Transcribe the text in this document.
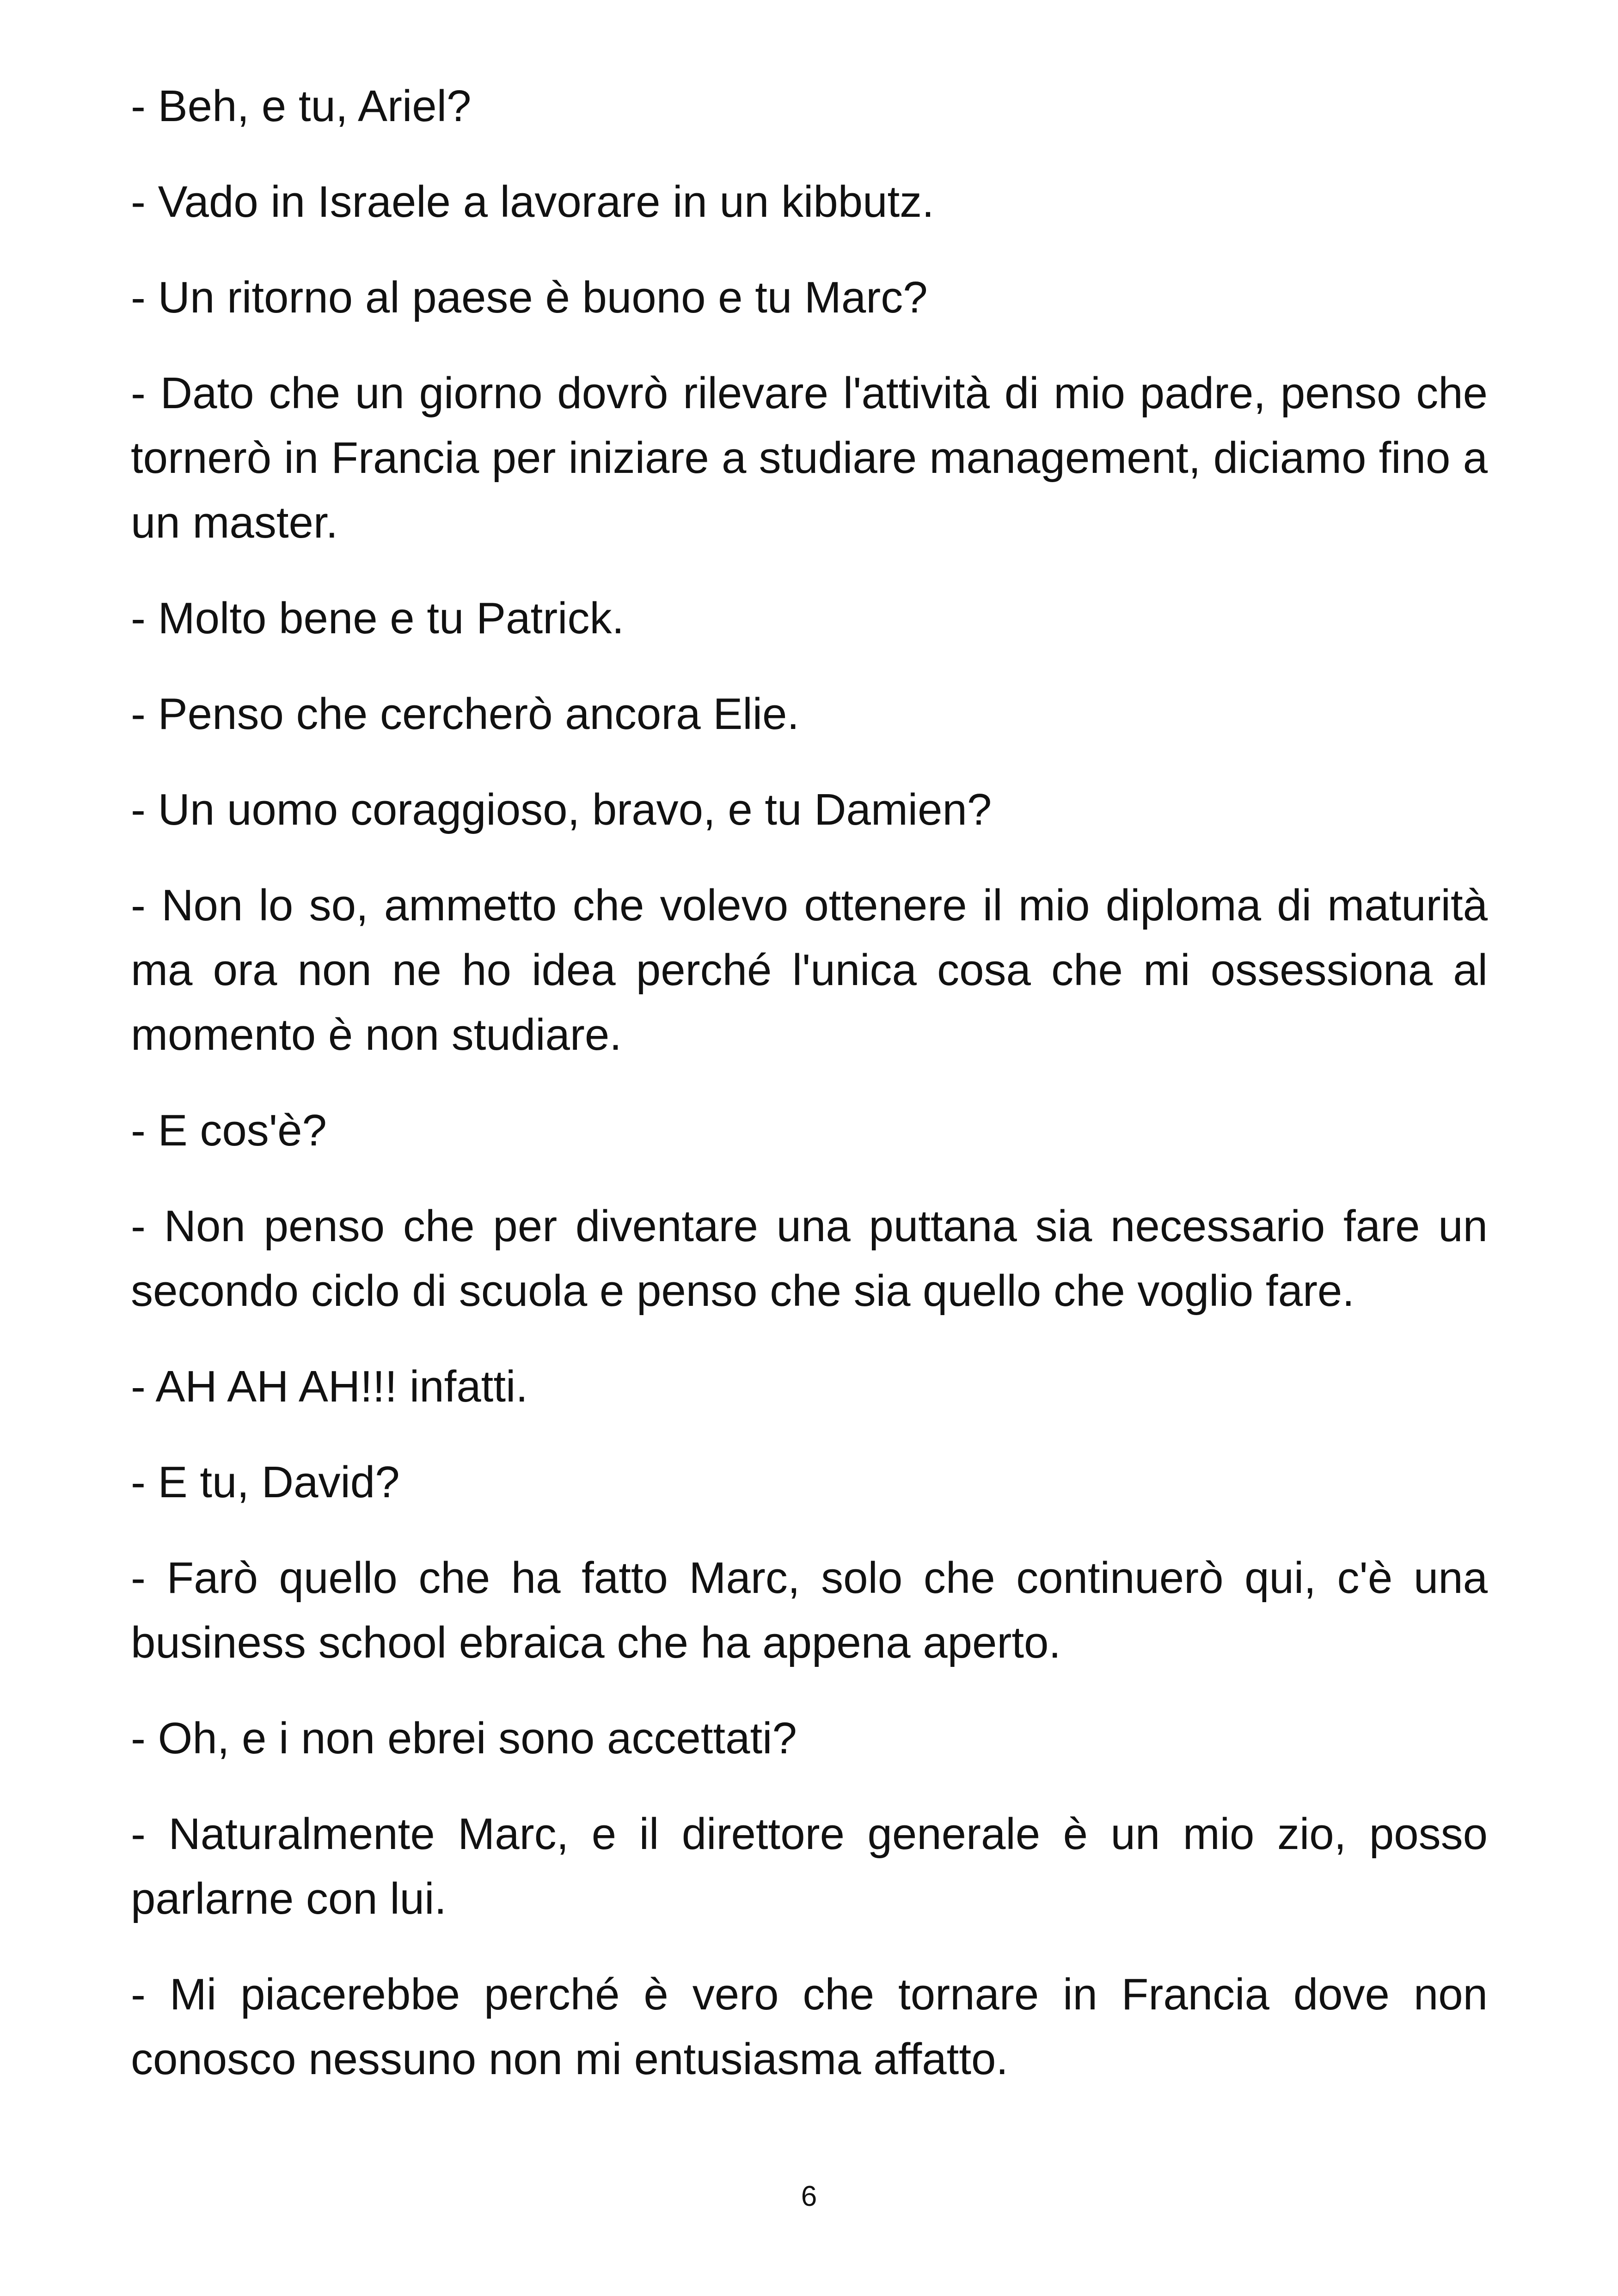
- Beh, e tu, Ariel?

- Vado in Israele a lavorare in un kibbutz.

- Un ritorno al paese è buono e tu Marc?

- Dato che un giorno dovrò rilevare l'attività di mio padre, penso che tornerò in Francia per iniziare a studiare management, diciamo fino a un master.

- Molto bene e tu Patrick.

- Penso che cercherò ancora Elie.

- Un uomo coraggioso, bravo, e tu Damien?

- Non lo so, ammetto che volevo ottenere il mio diploma di maturità ma ora non ne ho idea perché l'unica cosa che mi ossessiona al momento è non studiare.

- E cos'è?

- Non penso che per diventare una puttana sia necessario fare un secondo ciclo di scuola e penso che sia quello che voglio fare.

- AH AH AH!!! infatti.

- E tu, David?

- Farò quello che ha fatto Marc, solo che continuerò qui, c'è una business school ebraica che ha appena aperto.

- Oh, e i non ebrei sono accettati?

- Naturalmente Marc, e il direttore generale è un mio zio, posso parlarne con lui.

- Mi piacerebbe perché è vero che tornare in Francia dove non conosco nessuno non mi entusiasma affatto.

6
